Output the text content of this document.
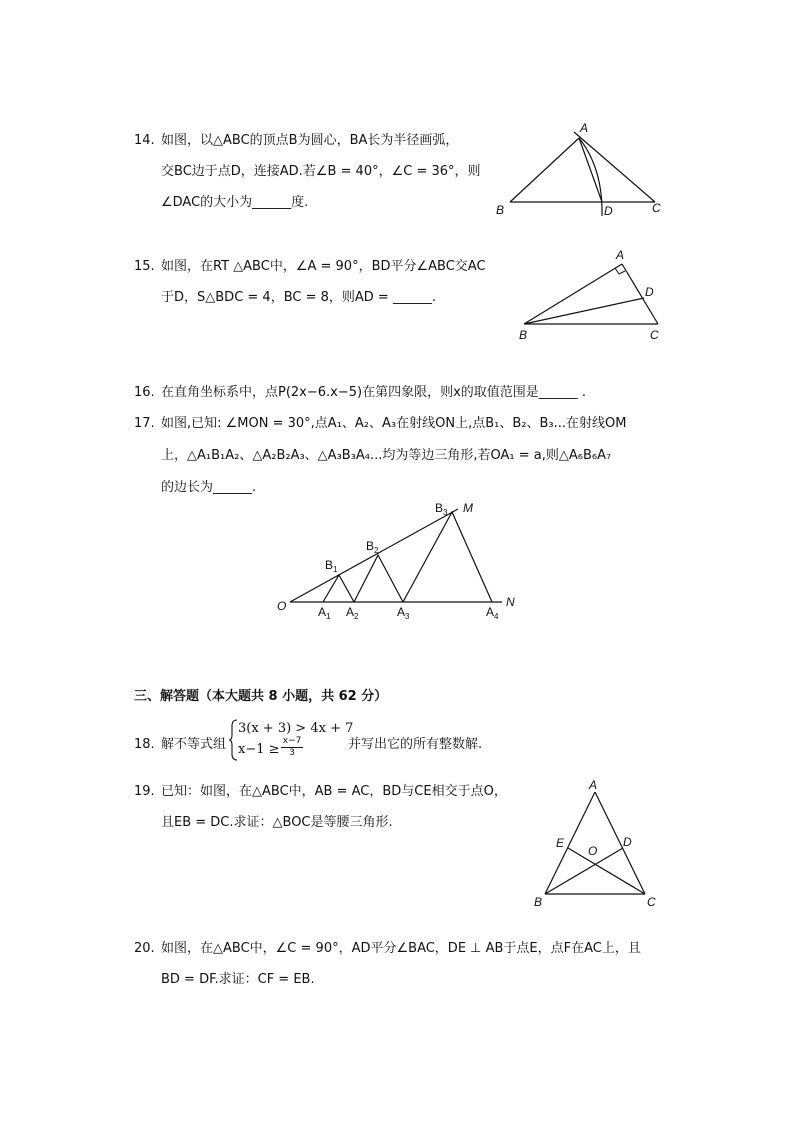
14. 如图，以△ABC的顶点B为圆心，BA长为半径画弧，
交BC边于点D，连接AD.若∠B = 40°，∠C = 36°，则
∠DAC的大小为______度.
A
B	D	C
15. 如图，在RT △ABC中，∠A = 90°，BD平分∠ABC交AC
于D，S△BDC = 4，BC = 8，则AD = ______.
A
D
B	C
16. 在直角坐标系中，点P(2x−6.x−5)在第四象限，则x的取值范围是______ .
17. 如图,已知: ∠MON = 30°,点A₁、A₂、A₃在射线ON上,点B₁、B₂、B₃...在射线OM
上，△A₁B₁A₂、△A₂B₂A₃、△A₃B₃A₄...均为等边三角形,若OA₁ = a,则△A₆B₆A₇
的边长为______.
O
M
N
$A_1$ $A_2$	$A_3$	$A_4$
$B_1$
$B_2$
$B_3$
三、解答题（本大题共 8 小题，共 62 分）
18. 解不等式组
3(x + 3) > 4x + 7
$x-1 \ge \frac{x-7}{3}$	并写出它的所有整数解.
19. 已知：如图，在△ABC中，AB = AC，BD与CE相交于点O，
且EB = DC.求证：△BOC是等腰三角形.
A
E	D
O
B	C
20. 如图，在△ABC中，∠C = 90°，AD平分∠BAC，DE ⊥ AB于点E，点F在AC上，且
BD = DF.求证：CF = EB.
